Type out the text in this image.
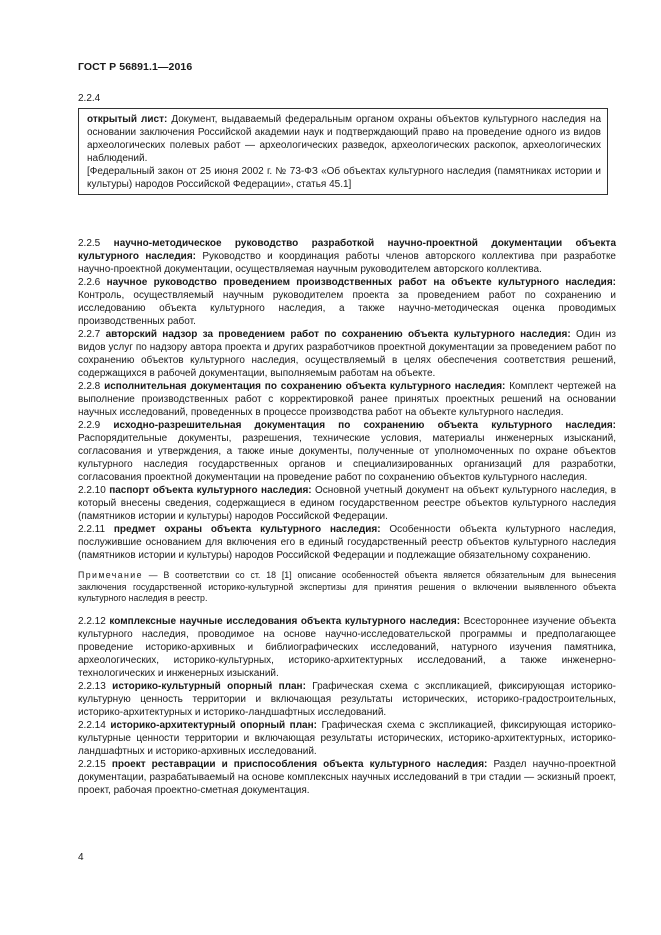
ГОСТ Р 56891.1—2016
2.2.4

открытый лист: Документ, выдаваемый федеральным органом охраны объектов культурного наследия на основании заключения Российской академии наук и подтверждающий право на проведение одного из видов археологических полевых работ — археологических разведок, археологических раскопок, археологических наблюдений.

[Федеральный закон от 25 июня 2002 г. № 73-ФЗ «Об объектах культурного наследия (памятниках истории и культуры) народов Российской Федерации», статья 45.1]

2.2.5 научно-методическое руководство разработкой научно-проектной документации объекта культурного наследия: Руководство и координация работы членов авторского коллектива при разработке научно-проектной документации, осуществляемая научным руководителем авторского коллектива.

2.2.6 научное руководство проведением производственных работ на объекте культурного наследия: Контроль, осуществляемый научным руководителем проекта за проведением работ по сохранению и исследованию объекта культурного наследия, а также научно-методическая оценка проводимых производственных работ.

2.2.7 авторский надзор за проведением работ по сохранению объекта культурного наследия: Один из видов услуг по надзору автора проекта и других разработчиков проектной документации за проведением работ по сохранению объектов культурного наследия, осуществляемый в целях обеспечения соответствия решений, содержащихся в рабочей документации, выполняемым работам на объекте.

2.2.8 исполнительная документация по сохранению объекта культурного наследия: Комплект чертежей на выполнение производственных работ с корректировкой ранее принятых проектных решений на основании научных исследований, проведенных в процессе производства работ на объекте культурного наследия.

2.2.9 исходно-разрешительная документация по сохранению объекта культурного наследия: Распорядительные документы, разрешения, технические условия, материалы инженерных изысканий, согласования и утверждения, а также иные документы, полученные от уполномоченных по охране объектов культурного наследия государственных органов и специализированных организаций для разработки, согласования проектной документации на проведение работ по сохранению объектов культурного наследия.

2.2.10 паспорт объекта культурного наследия: Основной учетный документ на объект культурного наследия, в который внесены сведения, содержащиеся в едином государственном реестре объектов культурного наследия (памятников истории и культуры) народов Российской Федерации.

2.2.11 предмет охраны объекта культурного наследия: Особенности объекта культурного наследия, послужившие основанием для включения его в единый государственный реестр объектов культурного наследия (памятников истории и культуры) народов Российской Федерации и подлежащие обязательному сохранению.

Примечание — В соответствии со ст. 18 [1] описание особенностей объекта является обязательным для вынесения заключения государственной историко-культурной экспертизы для принятия решения о включении выявленного объекта культурного наследия в реестр.

2.2.12 комплексные научные исследования объекта культурного наследия: Всестороннее изучение объекта культурного наследия, проводимое на основе научно-исследовательской программы и предполагающее проведение историко-архивных и библиографических исследований, натурного изучения памятника, археологических, историко-культурных, историко-архитектурных исследований, а также инженерно-технологических и инженерных изысканий.

2.2.13 историко-культурный опорный план: Графическая схема с экспликацией, фиксирующая историко-культурную ценность территории и включающая результаты исторических, историко-градостроительных, историко-архитектурных и историко-ландшафтных исследований.

2.2.14 историко-архитектурный опорный план: Графическая схема с экспликацией, фиксирующая историко-культурные ценности территории и включающая результаты исторических, историко-архитектурных, историко-ландшафтных и историко-архивных исследований.

2.2.15 проект реставрации и приспособления объекта культурного наследия: Раздел научно-проектной документации, разрабатываемый на основе комплексных научных исследований в три стадии — эскизный проект, проект, рабочая проектно-сметная документация.

4
